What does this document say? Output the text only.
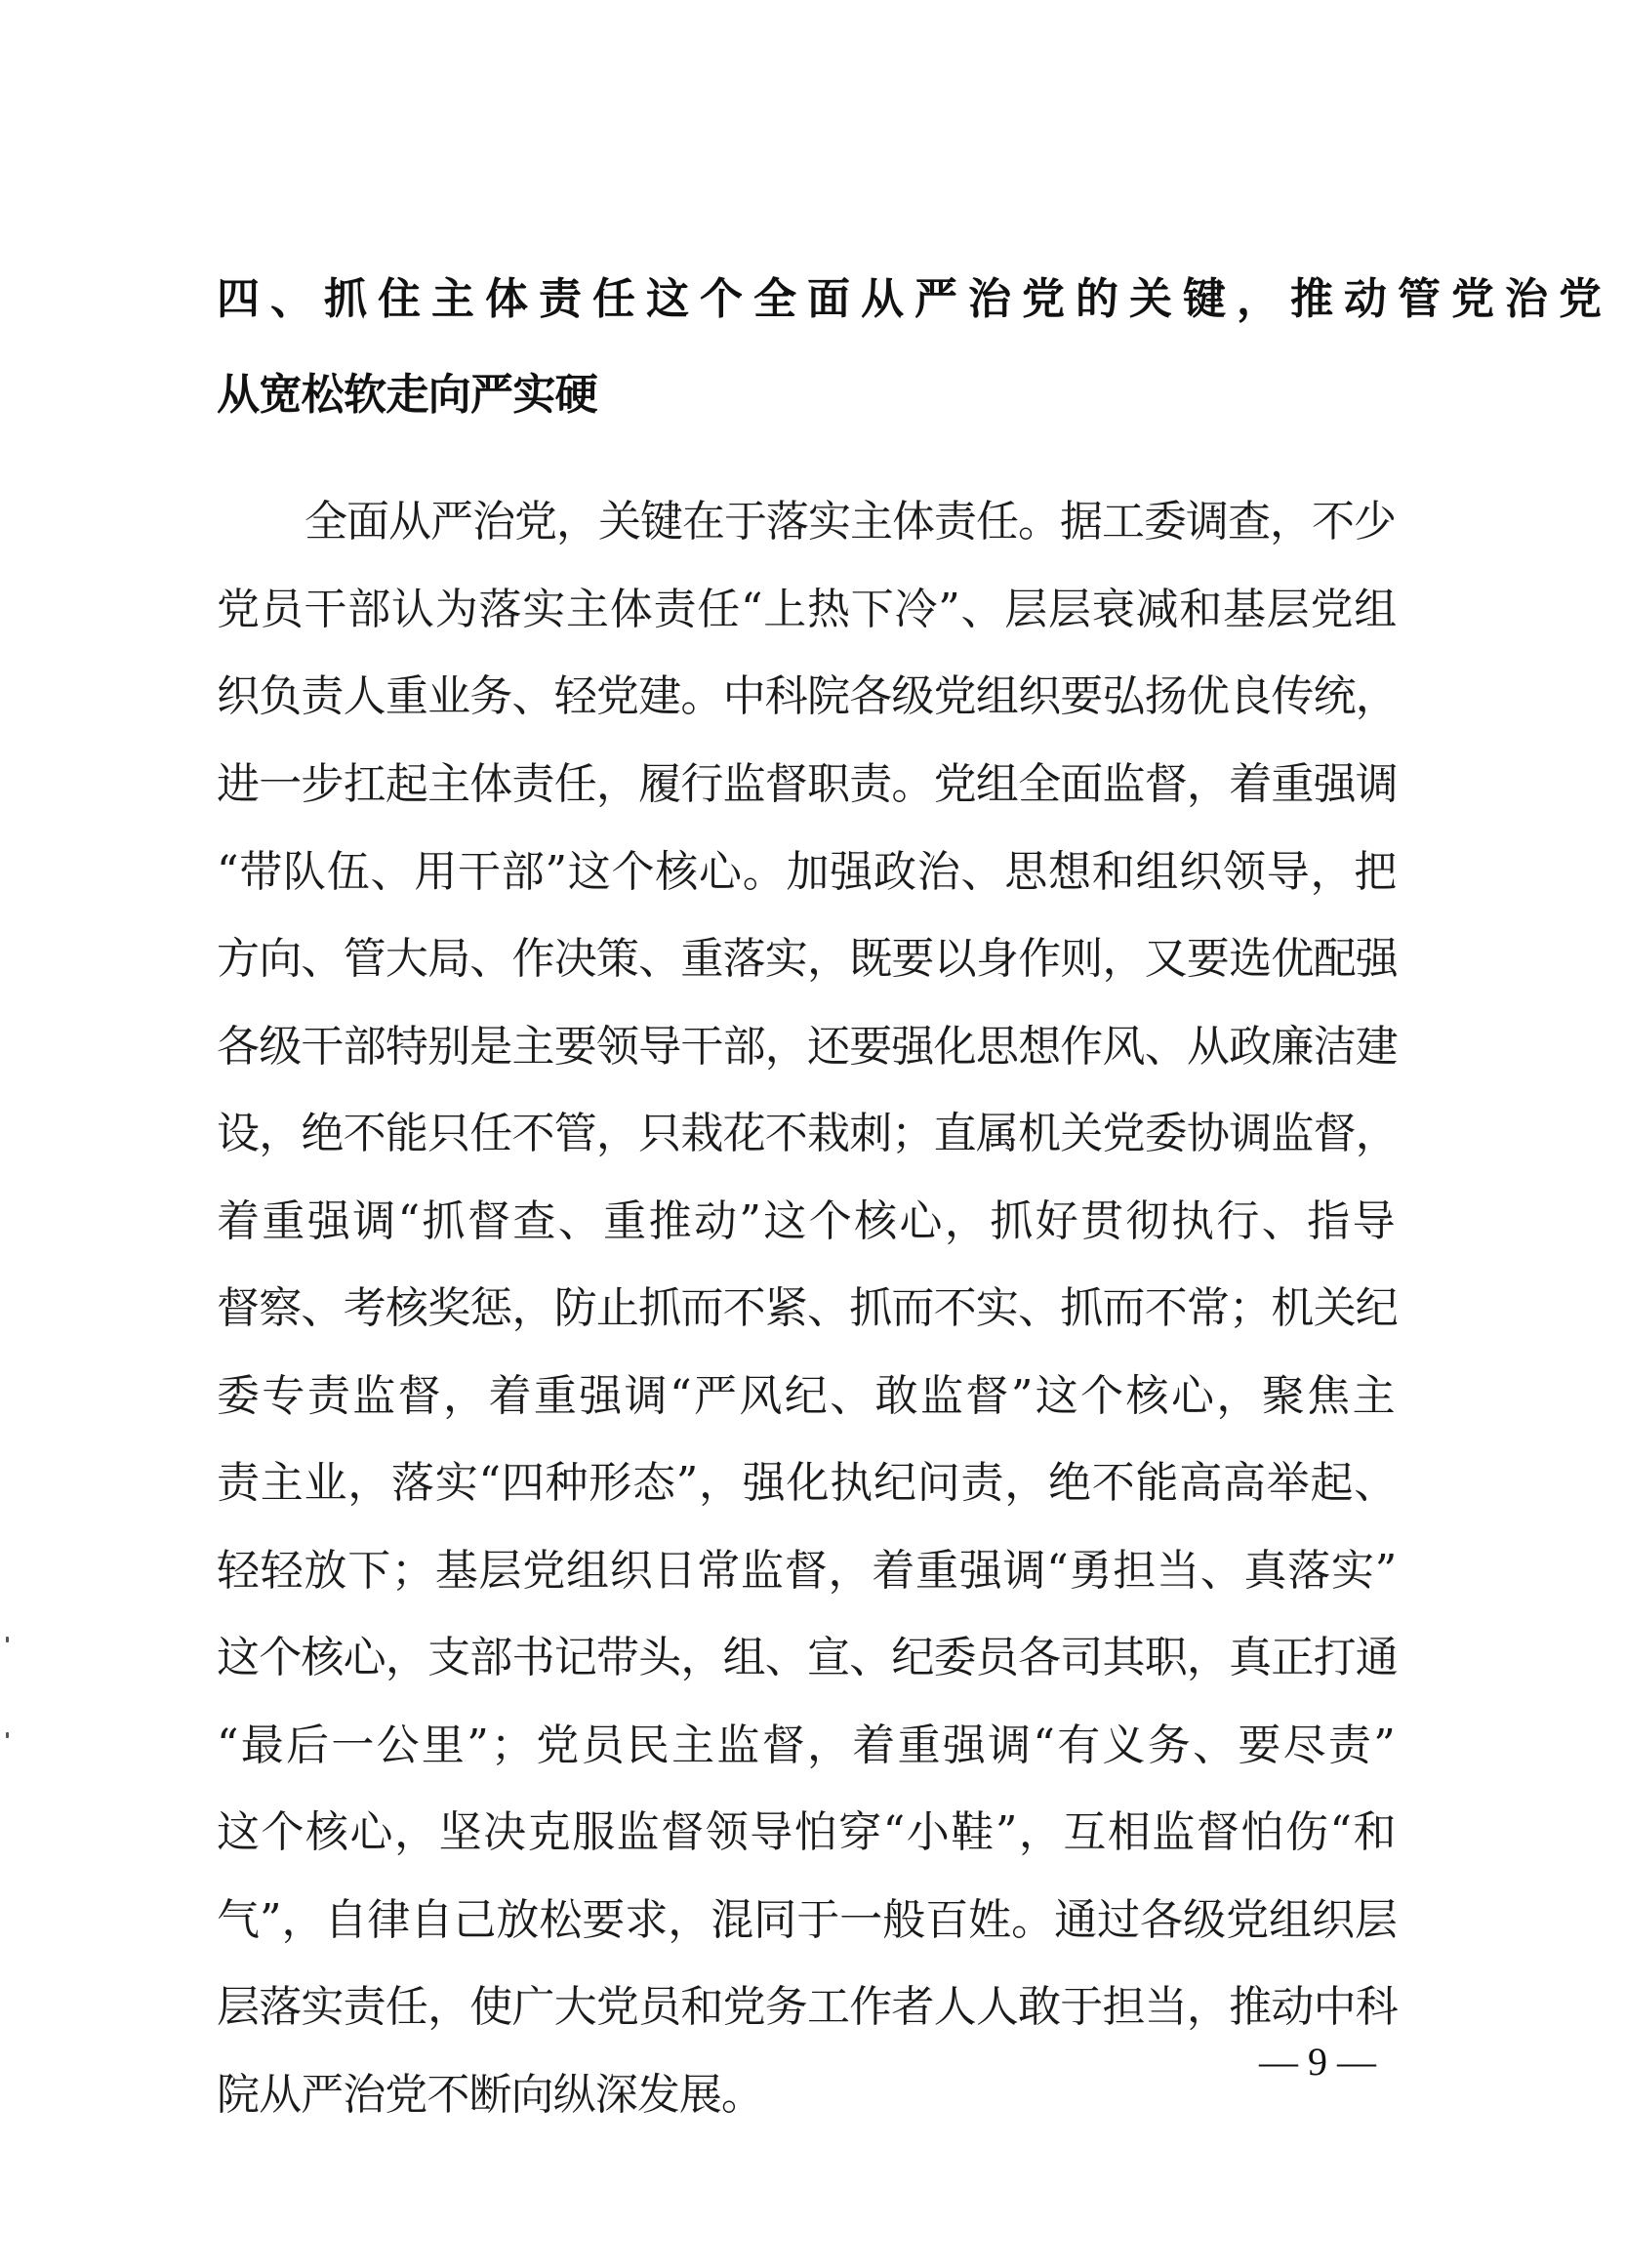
四、抓住主体责任这个全面从严治党的关键，推动管党治党
从宽松软走向严实硬
全面从严治党，关键在于落实主体责任。据工委调查，不少
党员干部认为落实主体责任“上热下冷”、层层衰减和基层党组
织负责人重业务、轻党建。中科院各级党组织要弘扬优良传统，
进一步扛起主体责任，履行监督职责。党组全面监督，着重强调
“带队伍、用干部”这个核心。加强政治、思想和组织领导，把
方向、管大局、作决策、重落实，既要以身作则，又要选优配强
各级干部特别是主要领导干部，还要强化思想作风、从政廉洁建
设，绝不能只任不管，只栽花不栽刺；直属机关党委协调监督，
着重强调“抓督查、重推动”这个核心，抓好贯彻执行、指导
督察、考核奖惩，防止抓而不紧、抓而不实、抓而不常；机关纪
委专责监督，着重强调“严风纪、敢监督”这个核心，聚焦主
责主业，落实“四种形态”，强化执纪问责，绝不能高高举起、
轻轻放下；基层党组织日常监督，着重强调“勇担当、真落实”
这个核心，支部书记带头，组、宣、纪委员各司其职，真正打通
“最后一公里”；党员民主监督，着重强调“有义务、要尽责”
这个核心，坚决克服监督领导怕穿“小鞋”，互相监督怕伤“和
气”，自律自己放松要求，混同于一般百姓。通过各级党组织层
层落实责任，使广大党员和党务工作者人人敢于担当，推动中科
院从严治党不断向纵深发展。
— 9 —
